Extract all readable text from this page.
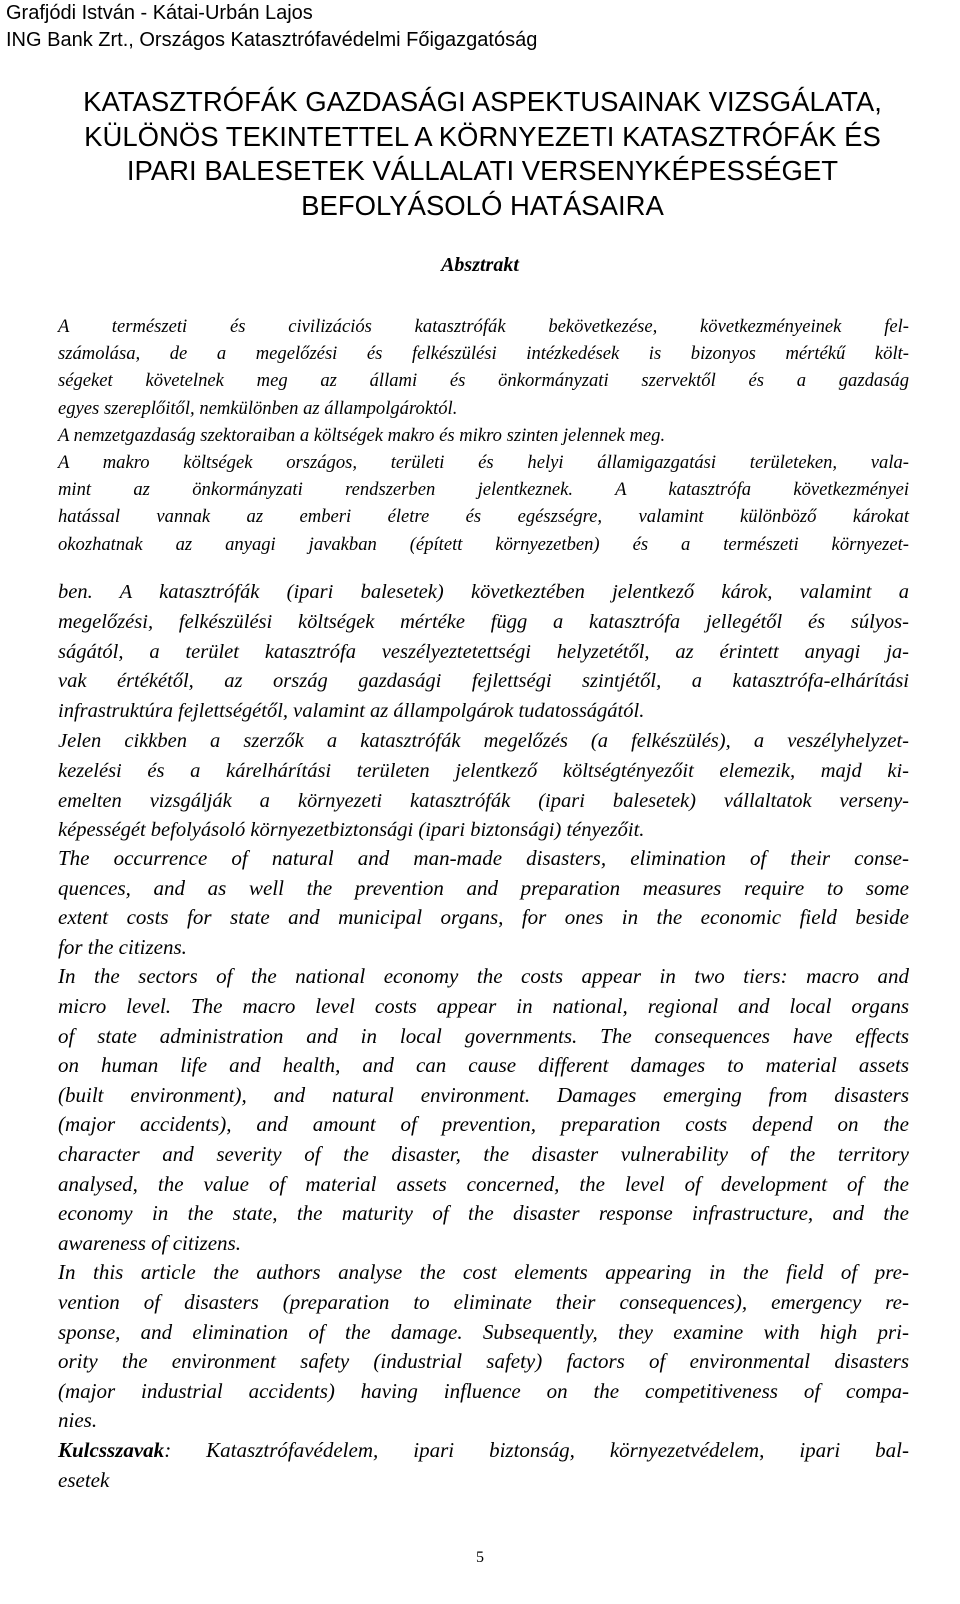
Grafjódi István - Kátai-Urbán Lajos
ING Bank Zrt., Országos Katasztrófavédelmi Főigazgatóság
KATASZTRÓFÁK GAZDASÁGI ASPEKTUSAINAK VIZSGÁLATA,
KÜLÖNÖS TEKINTETTEL A KÖRNYEZETI KATASZTRÓFÁK ÉS
IPARI BALESETEK VÁLLALATI VERSENYKÉPESSÉGET
BEFOLYÁSOLÓ HATÁSAIRA
Absztrakt
A természeti és civilizációs katasztrófák bekövetkezése, következményeinek fel-
számolása, de a megelőzési és felkészülési intézkedések is bizonyos mértékű költ-
ségeket követelnek meg az állami és önkormányzati szervektől és a gazdaság
egyes szereplőitől, nemkülönben az állampolgároktól.
A nemzetgazdaság szektoraiban a költségek makro és mikro szinten jelennek meg.
A makro költségek országos, területi és helyi államigazgatási területeken, vala-
mint az önkormányzati rendszerben jelentkeznek. A katasztrófa következményei
hatással vannak az emberi életre és egészségre, valamint különböző károkat
okozhatnak az anyagi javakban (épített környezetben) és a természeti környezet-
ben. A katasztrófák (ipari balesetek) következtében jelentkező károk, valamint a
megelőzési, felkészülési költségek mértéke függ a katasztrófa jellegétől és súlyos-
ságától, a terület katasztrófa veszélyeztetettségi helyzetétől, az érintett anyagi ja-
vak értékétől, az ország gazdasági fejlettségi szintjétől, a katasztrófa-elhárítási
infrastruktúra fejlettségétől, valamint az állampolgárok tudatosságától.
Jelen cikkben a szerzők a katasztrófák megelőzés (a felkészülés), a veszélyhelyzet-
kezelési és a kárelhárítási területen jelentkező költségtényezőit elemezik, majd ki-
emelten vizsgálják a környezeti katasztrófák (ipari balesetek) vállaltatok verseny-
képességét befolyásoló környezetbiztonsági (ipari biztonsági) tényezőit.
The occurrence of natural and man-made disasters, elimination of their conse-
quences, and as well the prevention and preparation measures require to some
extent costs for state and municipal organs, for ones in the economic field beside
for the citizens.
In the sectors of the national economy the costs appear in two tiers: macro and
micro level. The macro level costs appear in national, regional and local organs
of state administration and in local governments. The consequences have effects
on human life and health, and can cause different damages to material assets
(built environment), and natural environment. Damages emerging from disasters
(major accidents), and amount of prevention, preparation costs depend on the
character and severity of the disaster, the disaster vulnerability of the territory
analysed, the value of material assets concerned, the level of development of the
economy in the state, the maturity of the disaster response infrastructure, and the
awareness of citizens.
In this article the authors analyse the cost elements appearing in the field of pre-
vention of disasters (preparation to eliminate their consequences), emergency re-
sponse, and elimination of the damage. Subsequently, they examine with high pri-
ority the environment safety (industrial safety) factors of environmental disasters
(major industrial accidents) having influence on the competitiveness of compa-
nies.
Kulcsszavak: Katasztrófavédelem, ipari biztonság, környezetvédelem, ipari bal-
esetek
5
